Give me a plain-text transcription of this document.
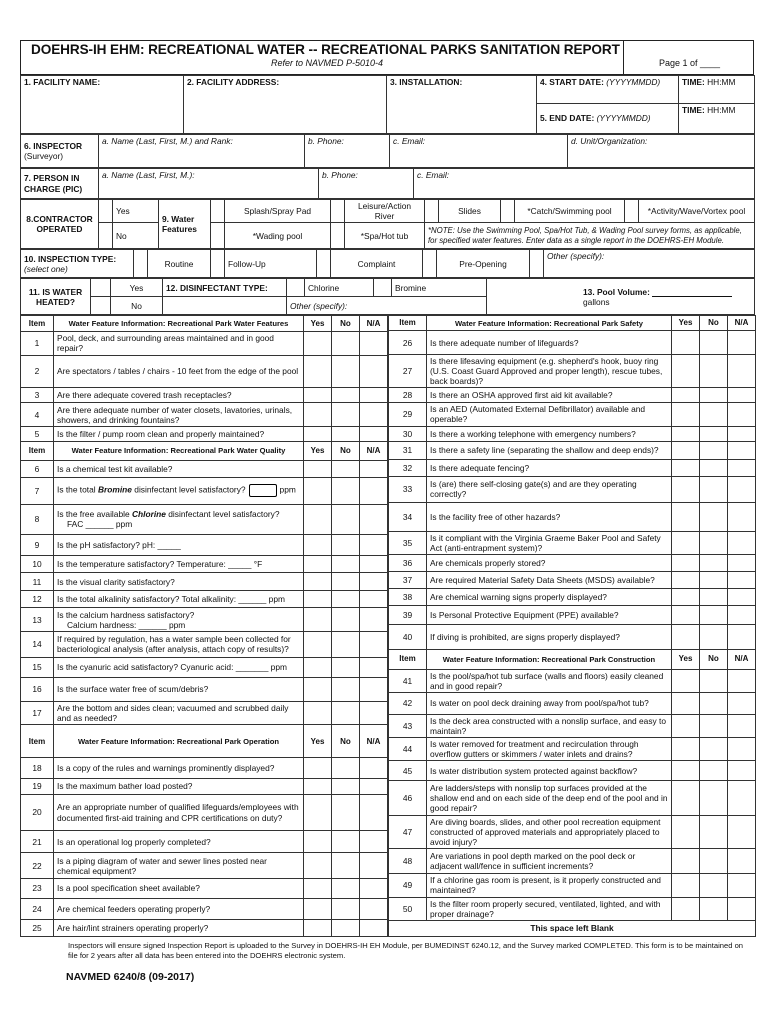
DOEHRS-IH EHM: RECREATIONAL WATER -- RECREATIONAL PARKS SANITATION REPORT
Refer to NAVMED P-5010-4	Page 1 of ____
1. FACILITY NAME:	2. FACILITY ADDRESS:	3. INSTALLATION:	4. START DATE: (YYYYMMDD)	TIME: HH:MM
			5. END DATE: (YYYYMMDD)	TIME: HH:MM
6. INSPECTOR
(Surveyor)	a. Name (Last, First, M.) and Rank:	b. Phone:	c. Email:	d. Unit/Organization:
7. PERSON IN CHARGE (PIC)	a. Name (Last, First, M.):	b. Phone:	c. Email:
8.CONTRACTOR OPERATED		Yes	9. Water Features		Splash/Spray Pad		Leisure/Action River		Slides		*Catch/Swimming pool		*Activity/Wave/Vortex pool
		No			*Wading pool		*Spa/Hot tub	*NOTE: Use the Swimming Pool, Spa/Hot Tub, & Wading Pool survey forms, as applicable, for specified water features. Enter data as a single report in the DOEHRS-EH Module.					
10. INSPECTION TYPE:
(select one)		Routine		Follow-Up		Complaint		Pre-Opening		Other (specify):
11. IS WATER HEATED?		Yes	12. DISINFECTANT TYPE:		Chlorine		Bromine	13. Pool Volume:  gallons
		No		Other (specify):				
Item	Water Feature Information: Recreational Park Water Features	Yes	No	N/A
1	Pool, deck, and surrounding areas maintained and in good repair?			
2	Are spectators / tables / chairs - 10 feet from the edge of the pool			
3	Are there adequate covered trash receptacles?			
4	Are there adequate number of water closets, lavatories, urinals, showers, and drinking fountains?			
5	Is the filter / pump room clean and properly maintained?			
Item	Water Feature Information: Recreational Park Water Quality	Yes	No	N/A
6	Is a chemical test kit available?			
7	Is the total Bromine disinfectant level satisfactory? ppm			
8	Is the free available Chlorine disinfectant level satisfactory?
FAC ______ ppm			
9	Is the pH satisfactory? pH: _____			
10	Is the temperature satisfactory? Temperature: _____ °F			
11	Is the visual clarity satisfactory?			
12	Is the total alkalinity satisfactory? Total alkalinity: ______ ppm			
13	Is the calcium hardness satisfactory?
Calcium hardness: ______ ppm			
14	If required by regulation, has a water sample been collected for bacteriological analysis (after analysis, attach copy of results)?			
15	Is the cyanuric acid satisfactory? Cyanuric acid: _______ ppm			
16	Is the surface water free of scum/debris?			
17	Are the bottom and sides clean; vacuumed and scrubbed daily and as needed?			
Item	Water Feature Information: Recreational Park Operation	Yes	No	N/A
18	Is a copy of the rules and warnings prominently displayed?			
19	Is the maximum bather load posted?			
20	Are an appropriate number of qualified lifeguards/employees with documented first-aid training and CPR certifications on duty?			
21	Is an operational log properly completed?			
22	Is a piping diagram of water and sewer lines posted near chemical equipment?			
23	Is a pool specification sheet available?			
24	Are chemical feeders operating properly?			
25	Are hair/lint strainers operating properly?			
Item	Water Feature Information: Recreational Park Safety	Yes	No	N/A
26	Is there adequate number of lifeguards?			
27	Is there lifesaving equipment (e.g. shepherd's hook, buoy ring (U.S. Coast Guard Approved and proper length), rescue tubes, back boards)?			
28	Is there an OSHA approved first aid kit available?			
29	Is an AED (Automated External Defibrillator) available and operable?			
30	Is there a working telephone with emergency numbers?			
31	Is there a safety line (separating the shallow and deep ends)?			
32	Is there adequate fencing?			
33	Is (are) there self-closing gate(s) and are they operating correctly?			
34	Is the facility free of other hazards?			
35	Is it compliant with the Virginia Graeme Baker Pool and Safety Act (anti-entrapment system)?			
36	Are chemicals properly stored?			
37	Are required Material Safety Data Sheets (MSDS) available?			
38	Are chemical warning signs properly displayed?			
39	Is Personal Protective Equipment (PPE) available?			
40	If diving is prohibited, are signs properly displayed?			
Item	Water Feature Information: Recreational Park Construction	Yes	No	N/A
41	Is the pool/spa/hot tub surface (walls and floors) easily cleaned and in good repair?			
42	Is water on pool deck draining away from pool/spa/hot tub?			
43	Is the deck area constructed with a nonslip surface, and easy to maintain?			
44	Is water removed for treatment and recirculation through overflow gutters or skimmers / water inlets and drains?			
45	Is water distribution system protected against backflow?			
46	Are ladders/steps with nonslip top surfaces provided at the shallow end and on each side of the deep end of the pool and in good repair?			
47	Are diving boards, slides, and other pool recreation equipment constructed of approved materials and appropriately placed to avoid injury?			
48	Are variations in pool depth marked on the pool deck or adjacent wall/fence in sufficient increments?			
49	If a chlorine gas room is present, is it properly constructed and maintained?			
50	Is the filter room properly secured, ventilated, lighted, and with proper drainage?			
This space left Blank				
Inspectors will ensure signed Inspection Report is uploaded to the Survey in DOEHRS-IH EH Module, per BUMEDINST 6240.12, and the Survey marked COMPLETED. This form is to be maintained on file for 2 years after all data has been entered into the DOEHRS electronic system.
NAVMED 6240/8 (09-2017)
